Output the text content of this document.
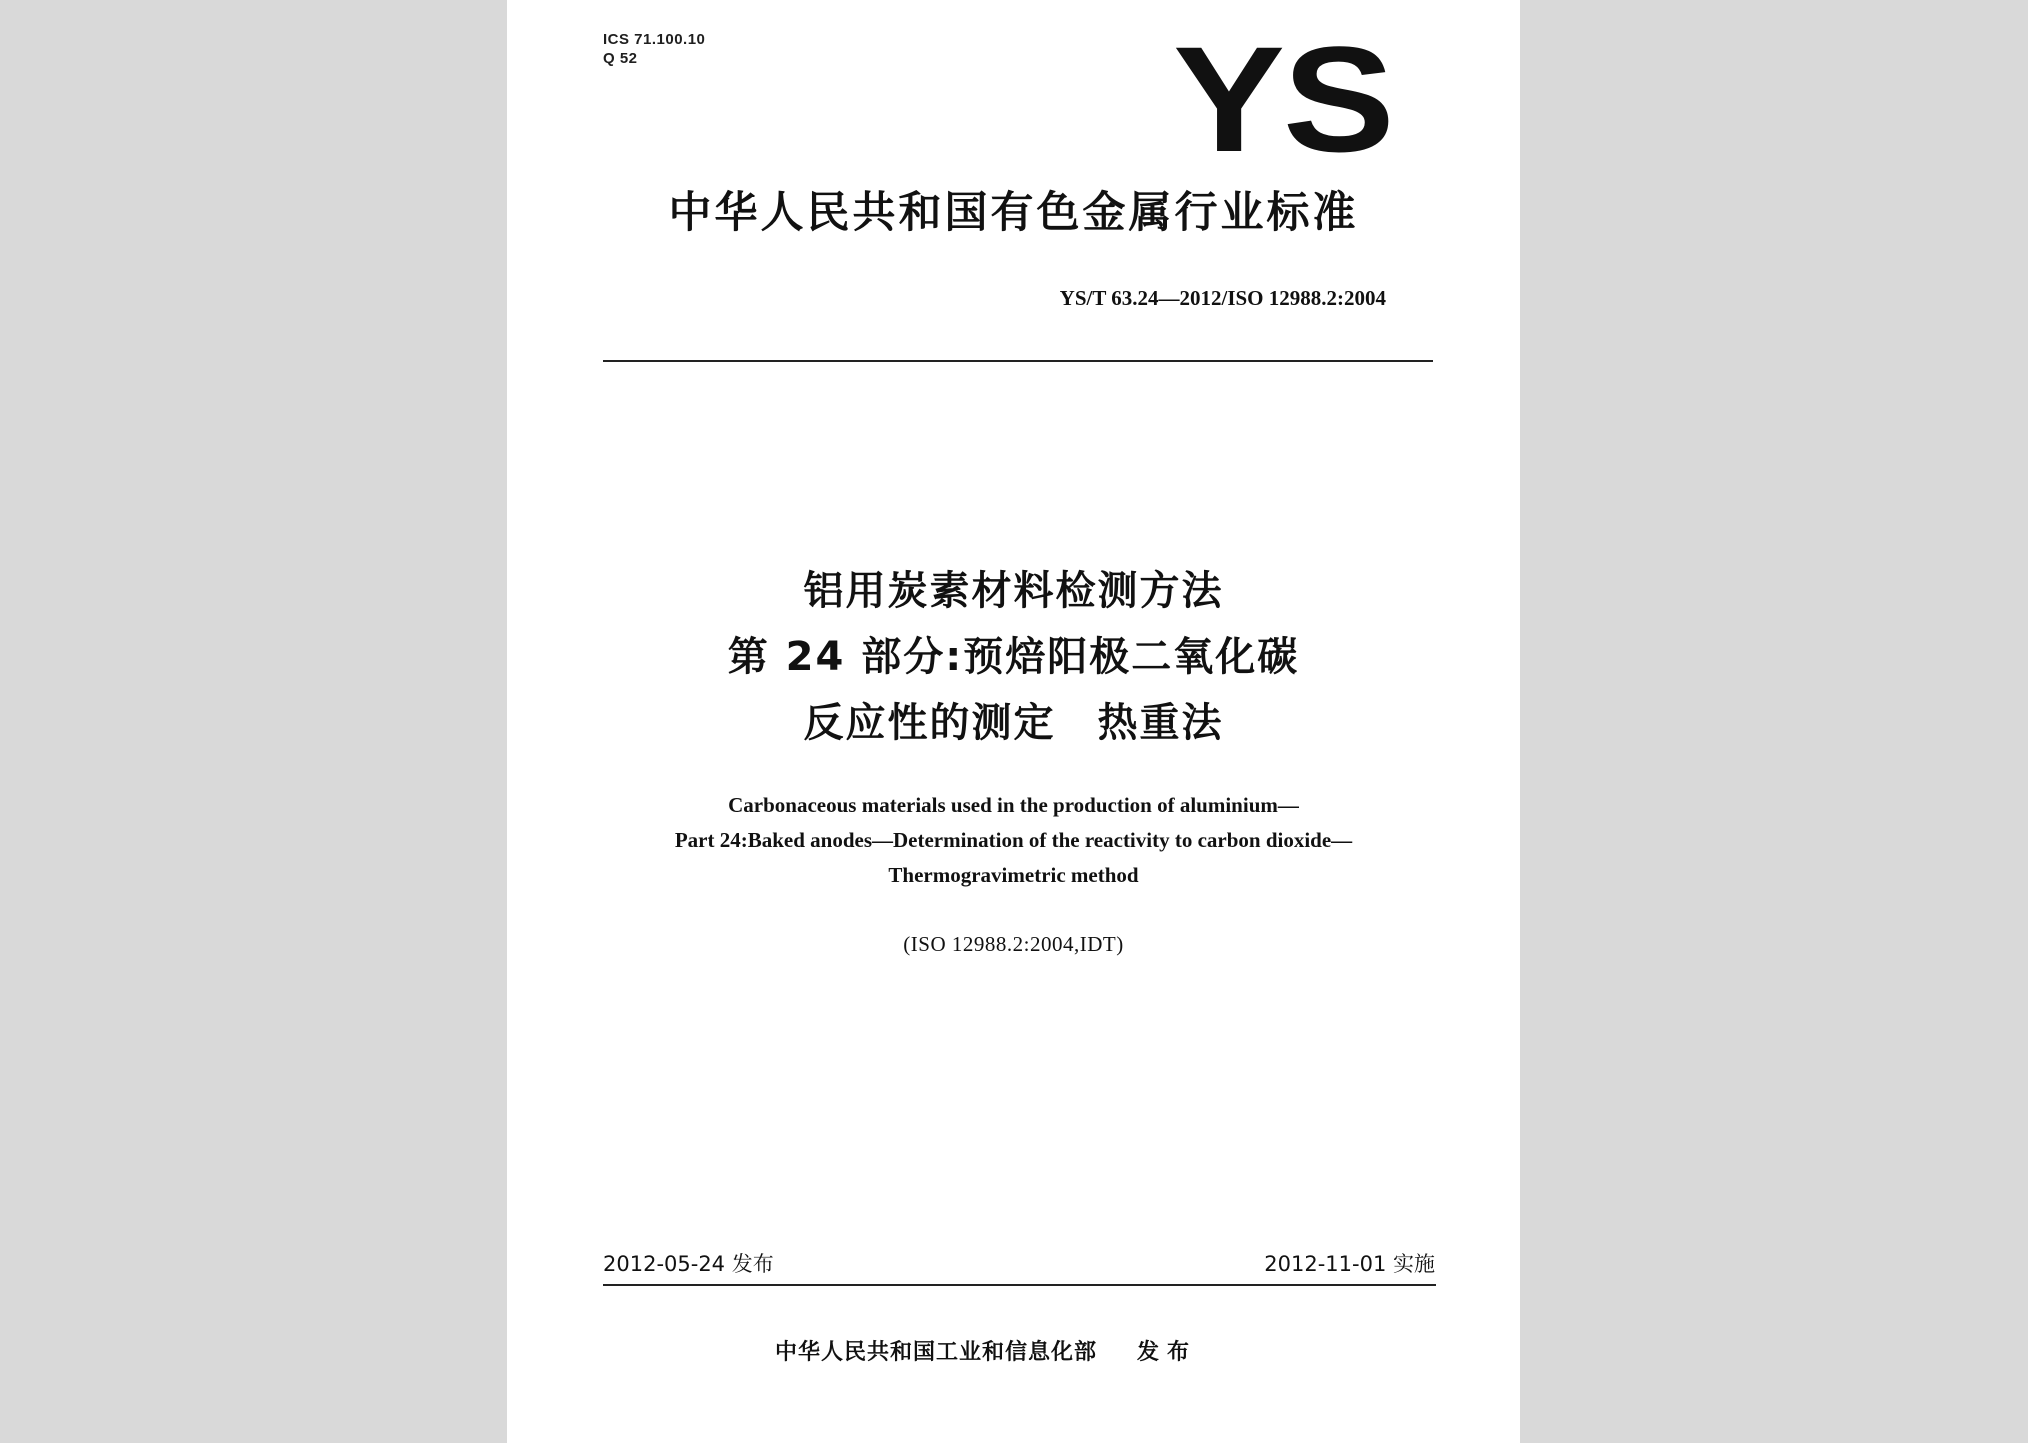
ICS 71.100.10
Q 52	YS
中华人民共和国有色金属行业标准
YS/T 63.24—2012/ISO 12988.2:2004
铝用炭素材料检测方法
第 24 部分:预焙阳极二氧化碳
反应性的测定　热重法
Carbonaceous materials used in the production of aluminium—
Part 24:Baked anodes—Determination of the reactivity to carbon dioxide—
Thermogravimetric method
(ISO 12988.2:2004,IDT)
2012-05-24 发布	2012-11-01 实施
中华人民共和国工业和信息化部 发布
